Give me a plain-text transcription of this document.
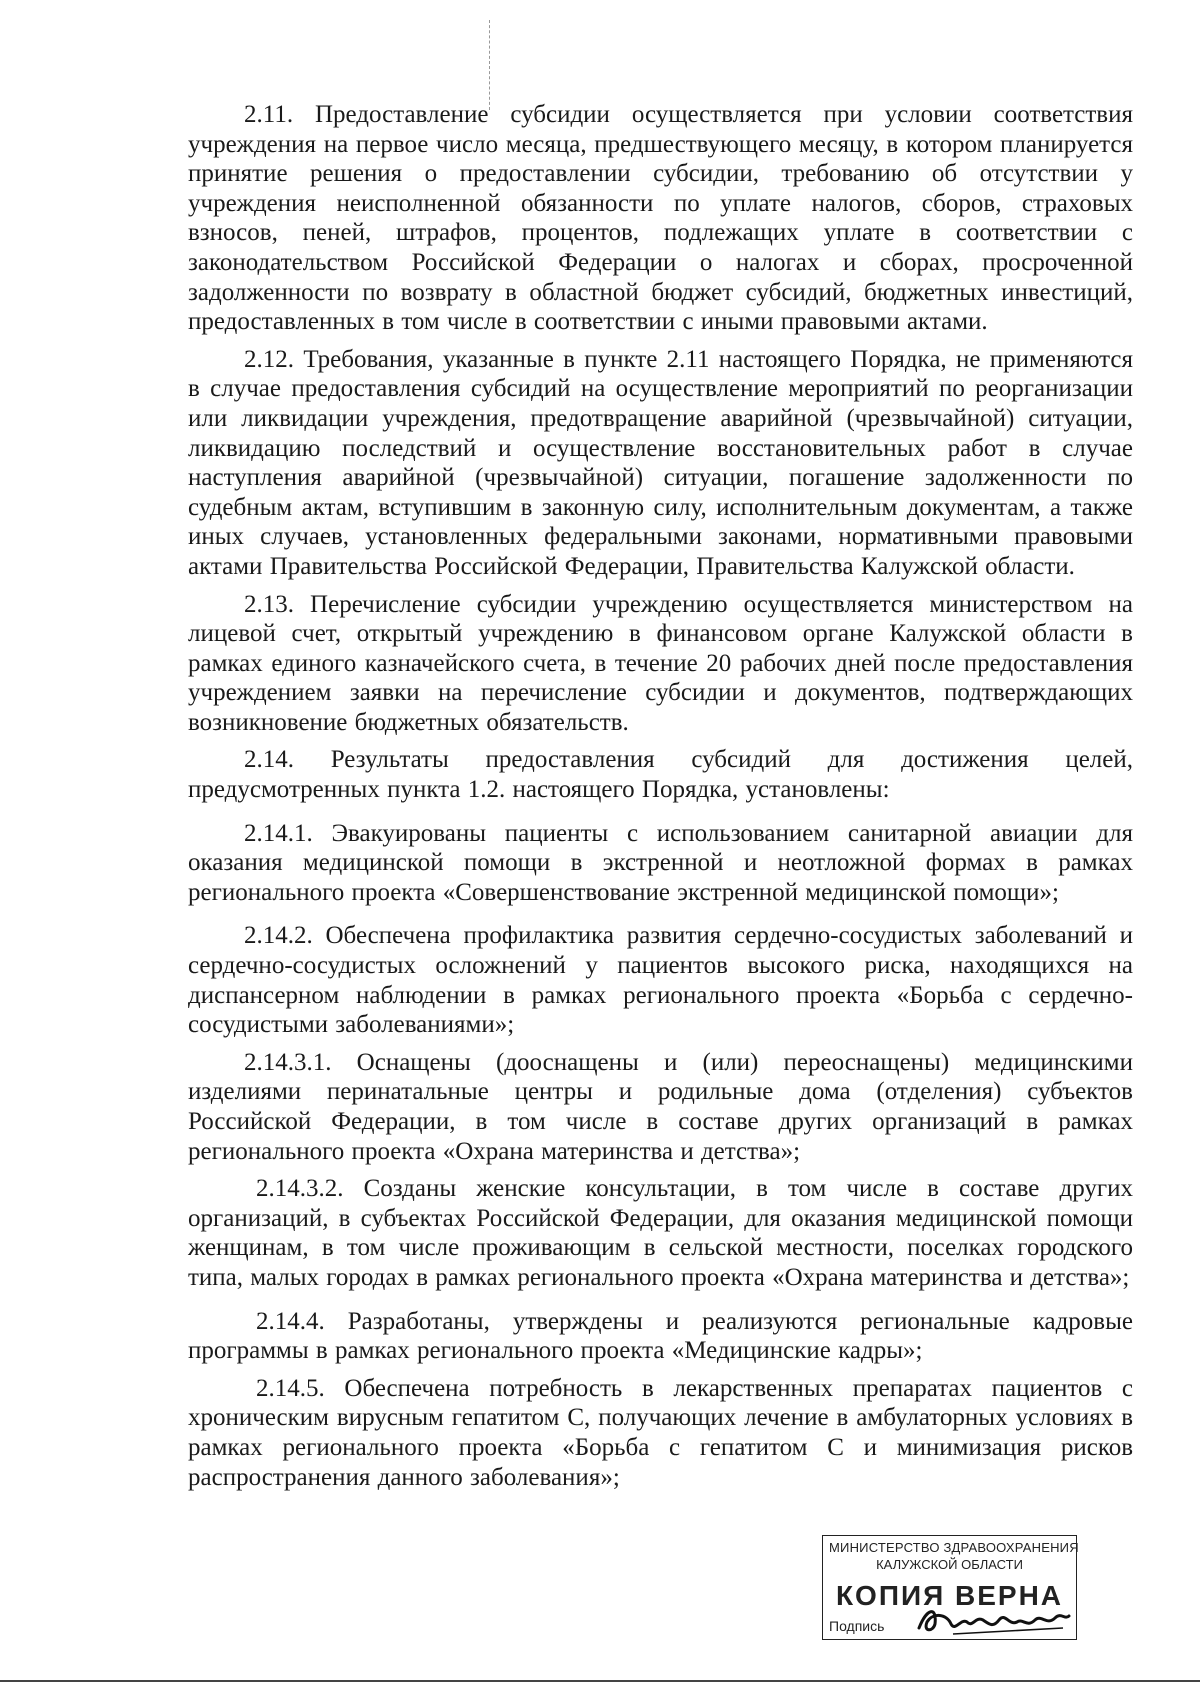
2.11. Предоставление субсидии осуществляется при условии соответствия учреждения на первое число месяца, предшествующего месяцу, в котором планируется принятие решения о предоставлении субсидии, требованию об отсутствии у учреждения неисполненной обязанности по уплате налогов, сборов, страховых взносов, пеней, штрафов, процентов, подлежащих уплате в соответствии с законодательством Российской Федерации о налогах и сборах, просроченной задолженности по возврату в областной бюджет субсидий, бюджетных инвестиций, предоставленных в том числе в соответствии с иными правовыми актами.

2.12. Требования, указанные в пункте 2.11 настоящего Порядка, не применяются в случае предоставления субсидий на осуществление мероприятий по реорганизации или ликвидации учреждения, предотвращение аварийной (чрезвычайной) ситуации, ликвидацию последствий и осуществление восстановительных работ в случае наступления аварийной (чрезвычайной) ситуации, погашение задолженности по судебным актам, вступившим в законную силу, исполнительным документам, а также иных случаев, установленных федеральными законами, нормативными правовыми актами Правительства Российской Федерации, Правительства Калужской области.

2.13. Перечисление субсидии учреждению осуществляется министерством на лицевой счет, открытый учреждению в финансовом органе Калужской области в рамках единого казначейского счета, в течение 20 рабочих дней после предоставления учреждением заявки на перечисление субсидии и документов, подтверждающих возникновение бюджетных обязательств.

2.14. Результаты предоставления субсидий для достижения целей, предусмотренных пункта 1.2. настоящего Порядка, установлены:

2.14.1. Эвакуированы пациенты с использованием санитарной авиации для оказания медицинской помощи в экстренной и неотложной формах в рамках регионального проекта «Совершенствование экстренной медицинской помощи»;

2.14.2. Обеспечена профилактика развития сердечно-сосудистых заболеваний и сердечно-сосудистых осложнений у пациентов высокого риска, находящихся на диспансерном наблюдении в рамках регионального проекта «Борьба с сердечно-сосудистыми заболеваниями»;

2.14.3.1. Оснащены (дооснащены и (или) переоснащены) медицинскими изделиями перинатальные центры и родильные дома (отделения) субъектов Российской Федерации, в том числе в составе других организаций в рамках регионального проекта «Охрана материнства и детства»;

2.14.3.2. Созданы женские консультации, в том числе в составе других организаций, в субъектах Российской Федерации, для оказания медицинской помощи женщинам, в том числе проживающим в сельской местности, поселках городского типа, малых городах в рамках регионального проекта «Охрана материнства и детства»;

2.14.4. Разработаны, утверждены и реализуются региональные кадровые программы в рамках регионального проекта «Медицинские кадры»;

2.14.5. Обеспечена потребность в лекарственных препаратах пациентов с хроническим вирусным гепатитом С, получающих лечение в амбулаторных условиях в рамках регионального проекта «Борьба с гепатитом С и минимизация рисков распространения данного заболевания»;

МИНИСТЕРСТВО ЗДРАВООХРАНЕНИЯ
КАЛУЖСКОЙ ОБЛАСТИ
КОПИЯ ВЕРНА
Подпись
